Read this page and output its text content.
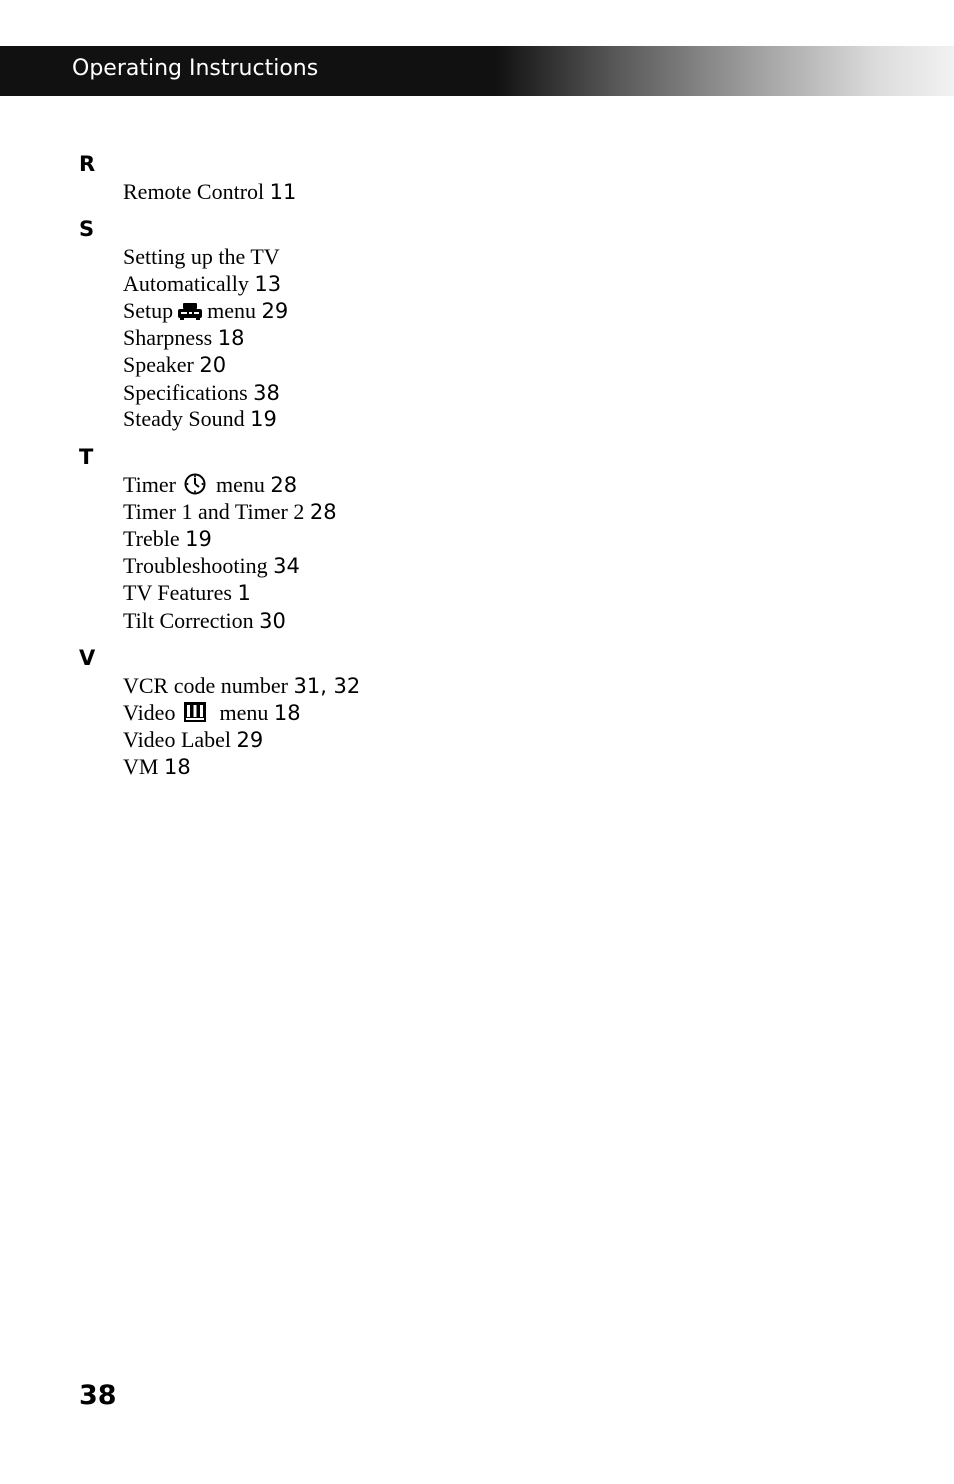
Operating Instructions
R
Remote Control 11
S
Setting up the TV
Automatically 13
Setup menu 29
Sharpness 18
Speaker 20
Specifications 38
Steady Sound 19
T
Timer menu 28
Timer 1 and Timer 2 28
Treble 19
Troubleshooting 34
TV Features 1
Tilt Correction 30
V
VCR code number 31, 32
Video menu 18
Video Label 29
VM 18
38
